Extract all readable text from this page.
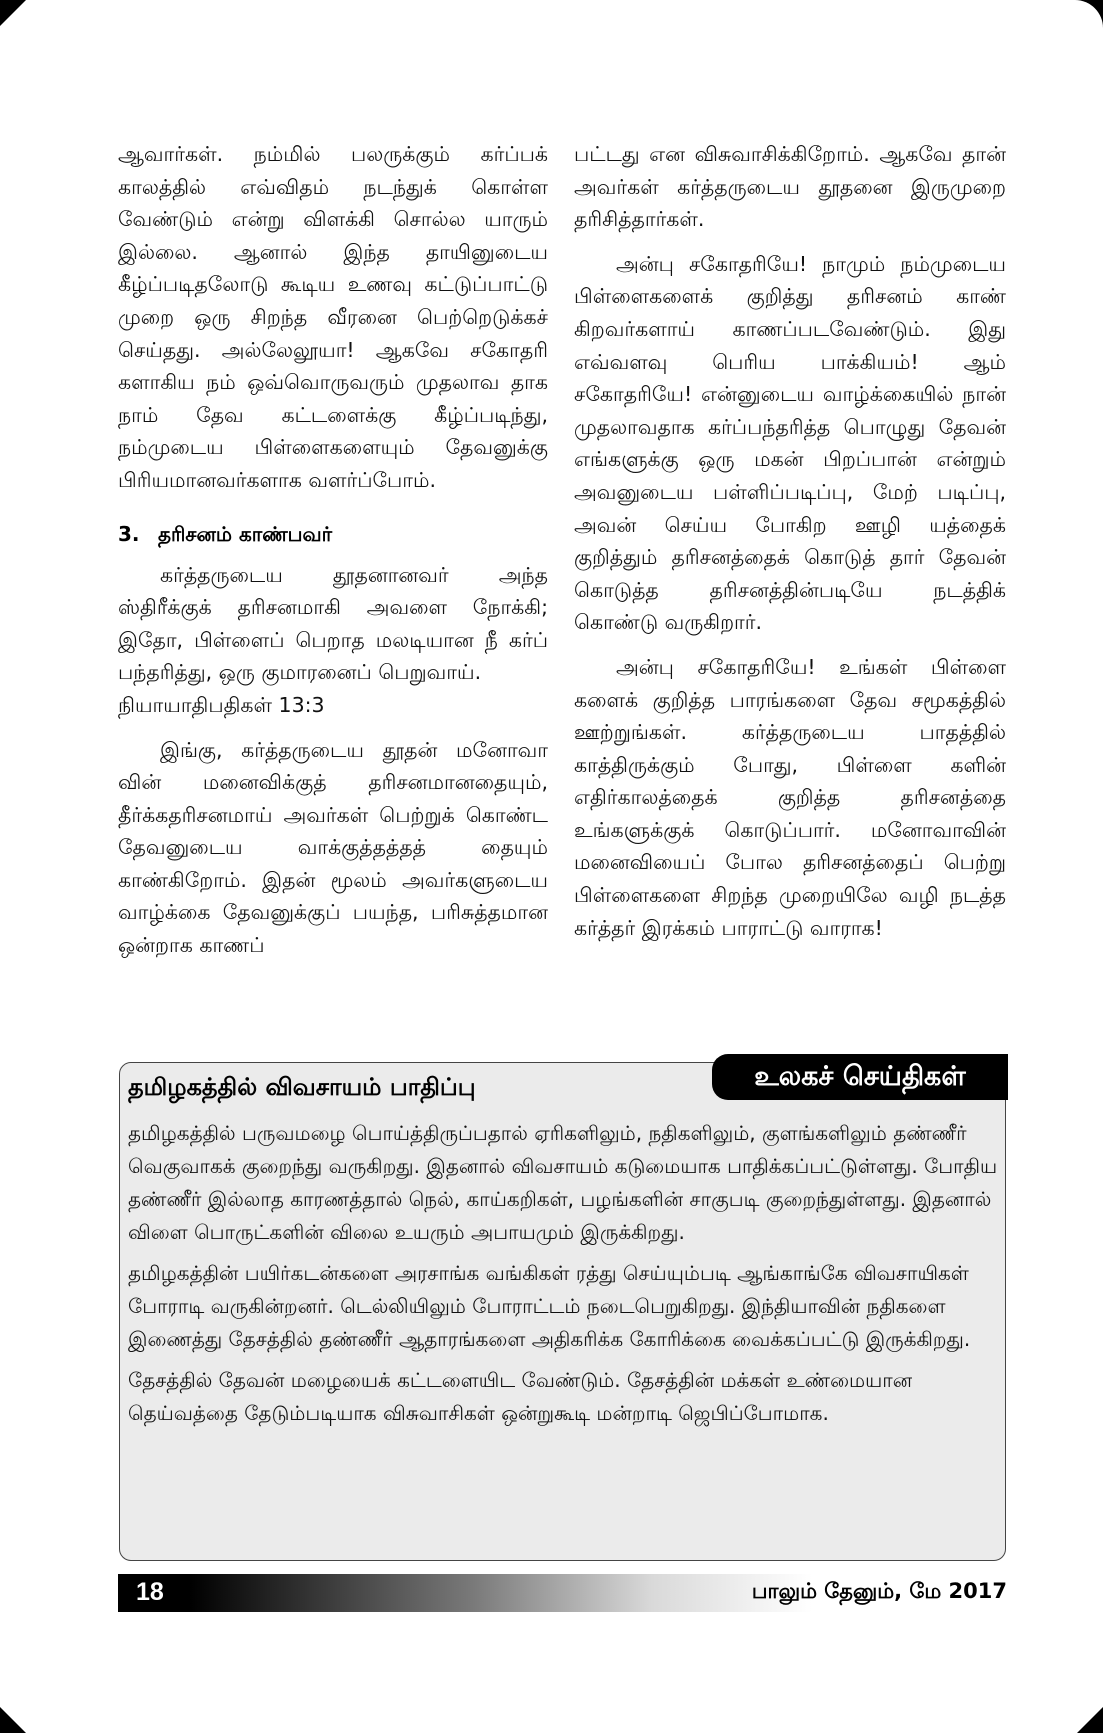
ஆவார்கள். நம்மில் பலருக்கும் கர்ப்பக் காலத்தில் எவ்விதம் நடந்துக் கொள்ள வேண்டும் என்று விளக்கி சொல்ல யாரும் இல்லை. ஆனால் இந்த தாயினுடைய கீழ்ப்படிதலோடு கூடிய உணவு கட்டுப்பாட்டு முறை ஒரு சிறந்த வீரனை பெற்றெடுக்கச் செய்தது. அல்லேலூயா! ஆகவே சகோதரி களாகிய நம் ஒவ்வொருவரும் முதலாவ தாக நாம் தேவ கட்டளைக்கு கீழ்ப்படிந்து, நம்முடைய பிள்ளைகளையும் தேவனுக்கு பிரியமானவர்களாக வளர்ப்போம்.

3. தரிசனம் காண்பவர்

கர்த்தருடைய தூதனானவர் அந்த ஸ்திரீக்குக் தரிசனமாகி அவளை நோக்கி; இதோ, பிள்ளைப் பெறாத மலடியான நீ கர்ப் பந்தரித்து, ஒரு குமாரனைப் பெறுவாய்.

நியாயாதிபதிகள் 13:3

இங்கு, கர்த்தருடைய தூதன் மனோவா வின் மனைவிக்குத் தரிசனமானதையும், தீர்க்கதரிசனமாய் அவர்கள் பெற்றுக் கொண்ட தேவனுடைய வாக்குத்தத்தத் தையும் காண்கிறோம். இதன் மூலம் அவர்களுடைய வாழ்க்கை தேவனுக்குப் பயந்த, பரிசுத்தமான ஒன்றாக காணப்

பட்டது என விசுவாசிக்கிறோம். ஆகவே தான் அவர்கள் கர்த்தருடைய தூதனை இருமுறை தரிசித்தார்கள்.

அன்பு சகோதரியே! நாமும் நம்முடைய பிள்ளைகளைக் குறித்து தரிசனம் காண் கிறவர்களாய் காணப்படவேண்டும். இது எவ்வளவு பெரிய பாக்கியம்! ஆம் சகோதரியே! என்னுடைய வாழ்க்கையில் நான் முதலாவதாக கர்ப்பந்தரித்த பொழுது தேவன் எங்களுக்கு ஒரு மகன் பிறப்பான் என்றும் அவனுடைய பள்ளிப்படிப்பு, மேற் படிப்பு, அவன் செய்ய போகிற ஊழி யத்தைக் குறித்தும் தரிசனத்தைக் கொடுத் தார் தேவன் கொடுத்த தரிசனத்தின்படியே நடத்திக் கொண்டு வருகிறார்.

அன்பு சகோதரியே! உங்கள் பிள்ளை களைக் குறித்த பாரங்களை தேவ சமூகத்தில் ஊற்றுங்கள். கர்த்தருடைய பாதத்தில் காத்திருக்கும் போது, பிள்ளை களின் எதிர்காலத்தைக் குறித்த தரிசனத்தை உங்களுக்குக் கொடுப்பார். மனோவாவின் மனைவியைப் போல தரிசனத்தைப் பெற்று பிள்ளைகளை சிறந்த முறையிலே வழி நடத்த கர்த்தர் இரக்கம் பாராட்டு வாராக!

உலகச் செய்திகள்
தமிழகத்தில் விவசாயம் பாதிப்பு

தமிழகத்தில் பருவமழை பொய்த்திருப்பதால் ஏரிகளிலும், நதிகளிலும், குளங்களிலும் தண்ணீர் வெகுவாகக் குறைந்து வருகிறது. இதனால் விவசாயம் கடுமையாக பாதிக்கப்பட்டுள்ளது. போதிய தண்ணீர் இல்லாத காரணத்தால் நெல், காய்கறிகள், பழங்களின் சாகுபடி குறைந்துள்ளது. இதனால் விளை பொருட்களின் விலை உயரும் அபாயமும் இருக்கிறது.

தமிழகத்தின் பயிர்கடன்களை அரசாங்க வங்கிகள் ரத்து செய்யும்படி ஆங்காங்கே விவசாயிகள் போராடி வருகின்றனர். டெல்லியிலும் போராட்டம் நடைபெறுகிறது. இந்தியாவின் நதிகளை இணைத்து தேசத்தில் தண்ணீர் ஆதாரங்களை அதிகரிக்க கோரிக்கை வைக்கப்பட்டு இருக்கிறது.

தேசத்தில் தேவன் மழையைக் கட்டளையிட வேண்டும். தேசத்தின் மக்கள் உண்மையான தெய்வத்தை தேடும்படியாக விசுவாசிகள் ஒன்றுகூடி மன்றாடி ஜெபிப்போமாக.

18	பாலும் தேனும், மே 2017
